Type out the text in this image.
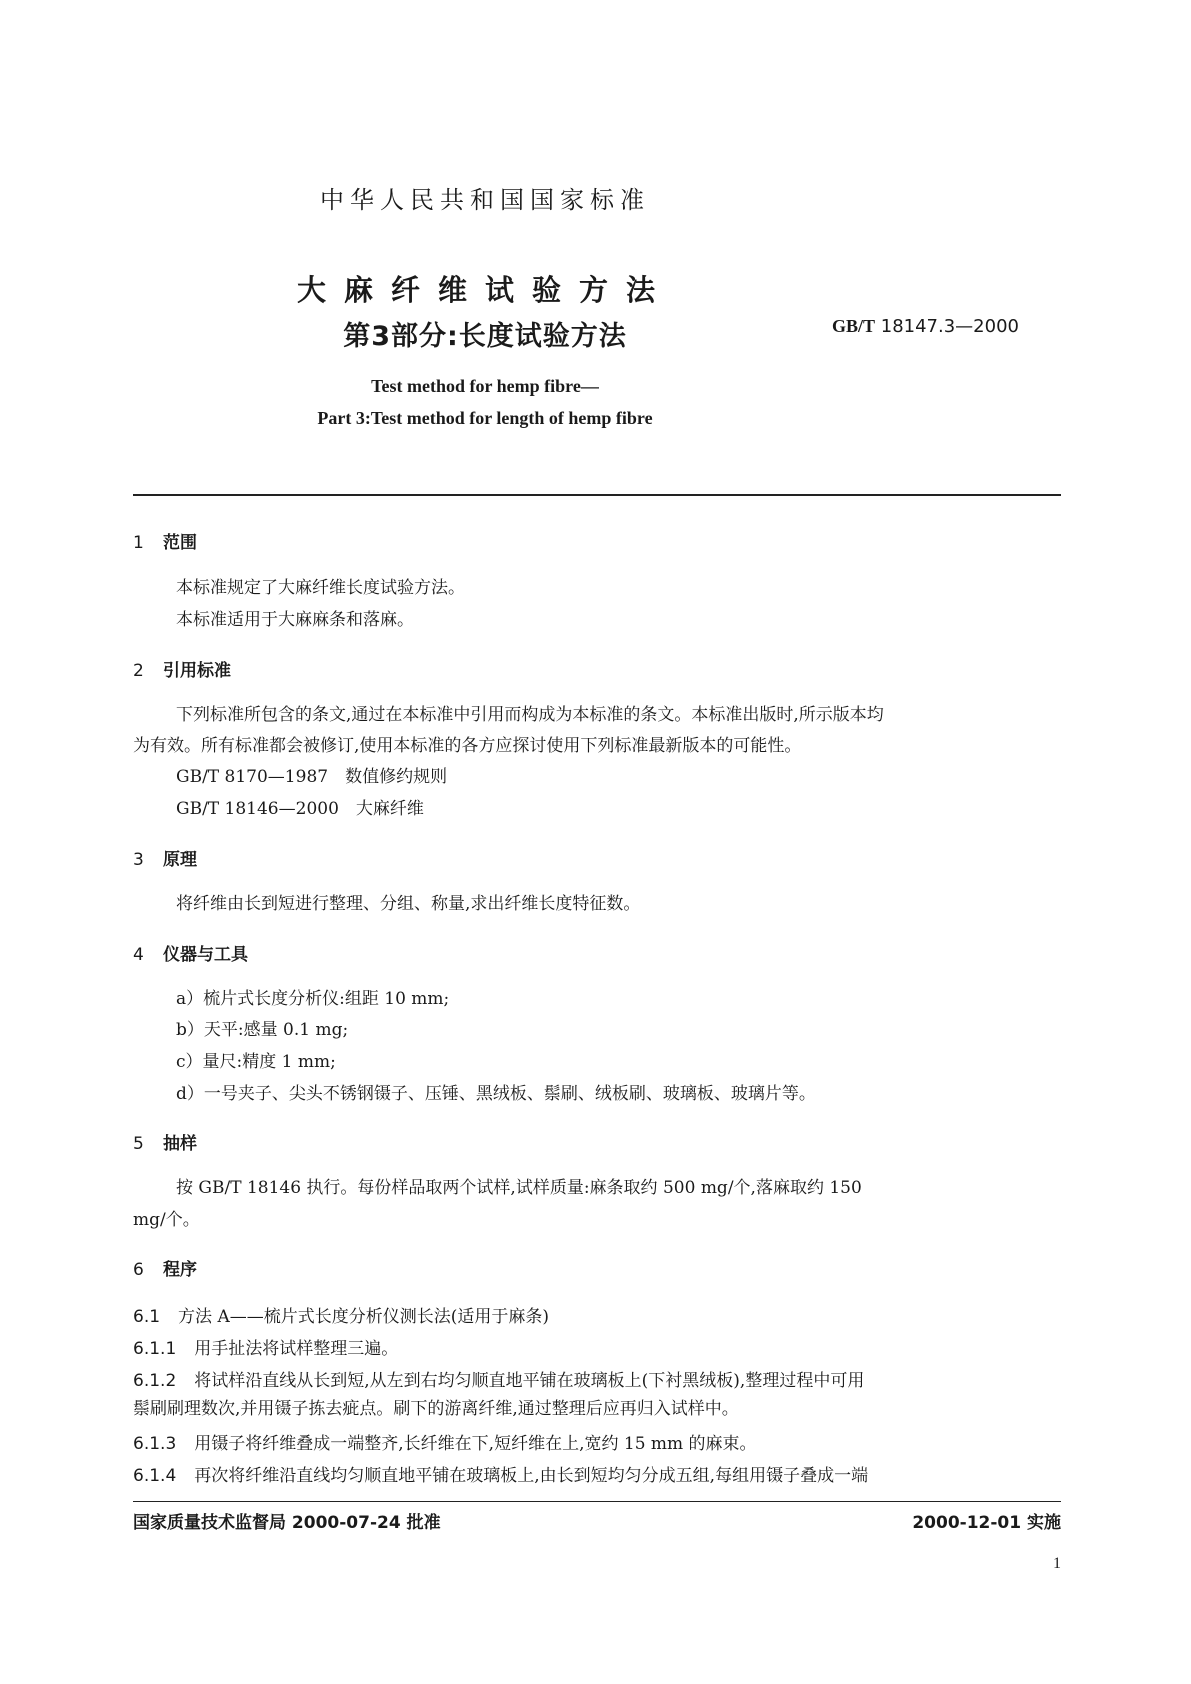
中华人民共和国国家标准
大麻纤维试验方法
第3部分:长度试验方法	GB/T 18147.3—2000
Test method for hemp fibre—
Part 3:Test method for length of hemp fibre
1 范围
本标准规定了大麻纤维长度试验方法。
本标准适用于大麻麻条和落麻。
2 引用标准
下列标准所包含的条文,通过在本标准中引用而构成为本标准的条文。本标准出版时,所示版本均
为有效。所有标准都会被修订,使用本标准的各方应探讨使用下列标准最新版本的可能性。
GB/T 8170—1987　数值修约规则
GB/T 18146—2000　大麻纤维
3 原理
将纤维由长到短进行整理、分组、称量,求出纤维长度特征数。
4 仪器与工具
a）梳片式长度分析仪:组距 10 mm;
b）天平:感量 0.1 mg;
c）量尺:精度 1 mm;
d）一号夹子、尖头不锈钢镊子、压锤、黑绒板、鬃刷、绒板刷、玻璃板、玻璃片等。
5 抽样
按 GB/T 18146 执行。每份样品取两个试样,试样质量:麻条取约 500 mg/个,落麻取约 150
mg/个。
6 程序
6.1 方法 A——梳片式长度分析仪测长法(适用于麻条)
6.1.1 用手扯法将试样整理三遍。
6.1.2 将试样沿直线从长到短,从左到右均匀顺直地平铺在玻璃板上(下衬黑绒板),整理过程中可用
鬃刷刷理数次,并用镊子拣去疵点。刷下的游离纤维,通过整理后应再归入试样中。
6.1.3 用镊子将纤维叠成一端整齐,长纤维在下,短纤维在上,宽约 15 mm 的麻束。
6.1.4 再次将纤维沿直线均匀顺直地平铺在玻璃板上,由长到短均匀分成五组,每组用镊子叠成一端
国家质量技术监督局 2000-07-24 批准	2000-12-01 实施
1
